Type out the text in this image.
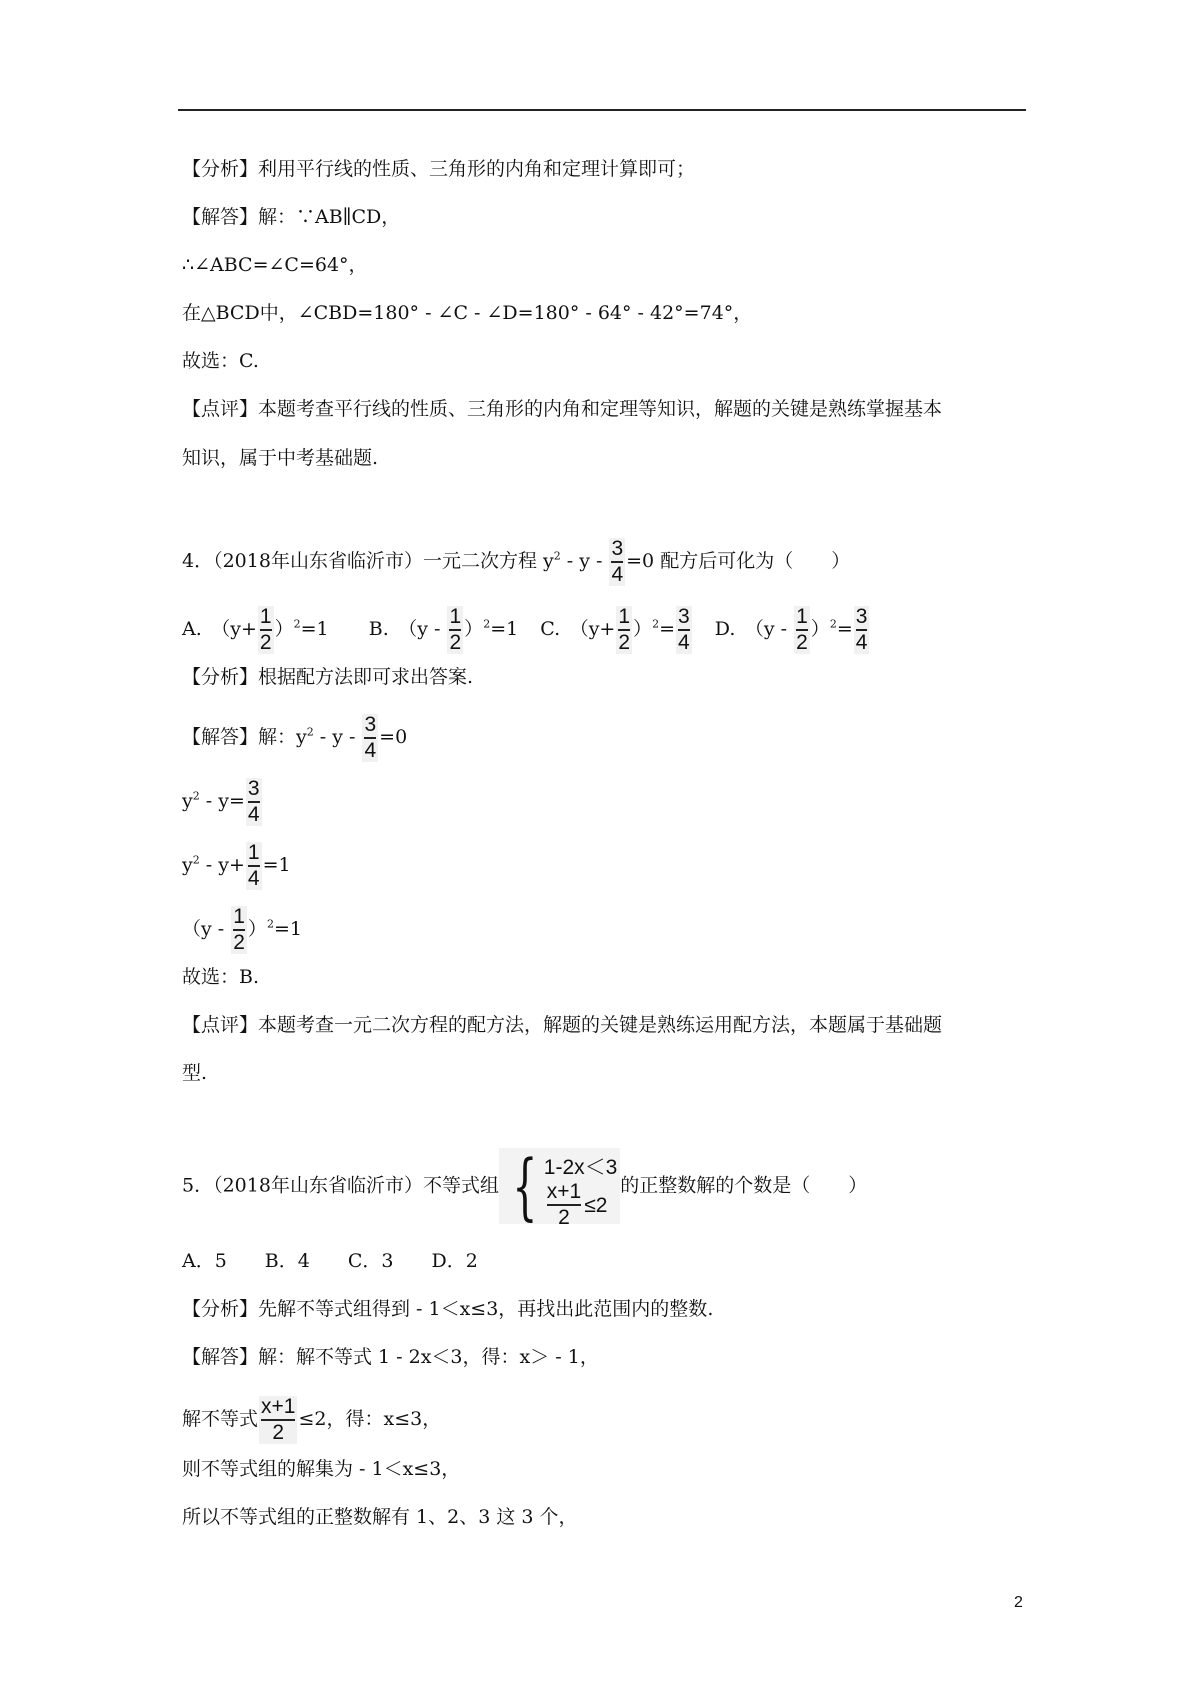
【分析】利用平行线的性质、三角形的内角和定理计算即可；
【解答】解：∵AB∥CD，
∴∠ABC=∠C=64°，
在△BCD中，∠CBD=180° - ∠C - ∠D=180° - 64° - 42°=74°，
故选：C.
【点评】本题考查平行线的性质、三角形的内角和定理等知识，解题的关键是熟练掌握基本
知识，属于中考基础题.
4．（2018年山东省临沂市）一元二次方程 $y^2 - y - \frac{3}{4} =0$ 配方后可化为（　　）
A.　$(y+ \frac{1}{2} )^2=1$ B.　$(y - \frac{1}{2} )^2=1$ C.　$(y+ \frac{1}{2} )^2= \frac{3}{4} D$.　$(y - \frac{1}{2} )^2= \frac{3}{4}$
【分析】根据配方法即可求出答案.
【解答】解：$y^2 - y - \frac{3}{4} =0$
$y^2 - y= \frac{3}{4}$
$y^2 - y+ \frac{1}{4} =1$
$(y - \frac{1}{2} )^2=1$
故选：B.
【点评】本题考查一元二次方程的配方法，解题的关键是熟练运用配方法，本题属于基础题
型.
5．（2018年山东省临沂市）不等式组 { 1-2x＜3
$\frac{x+1}{2} \le 2$
的正整数解的个数是（　　）
A．5　　B．4　　C．3　　D．2
【分析】先解不等式组得到 - 1＜x≤3，再找出此范围内的整数.
【解答】解：解不等式 1 - 2x＜3，得：x＞ - 1，
解不等式 $\frac{x+1}{2} \le 2$，得：x≤3，
则不等式组的解集为 - 1＜x≤3，
所以不等式组的正整数解有 1、2、3 这 3 个，
2
